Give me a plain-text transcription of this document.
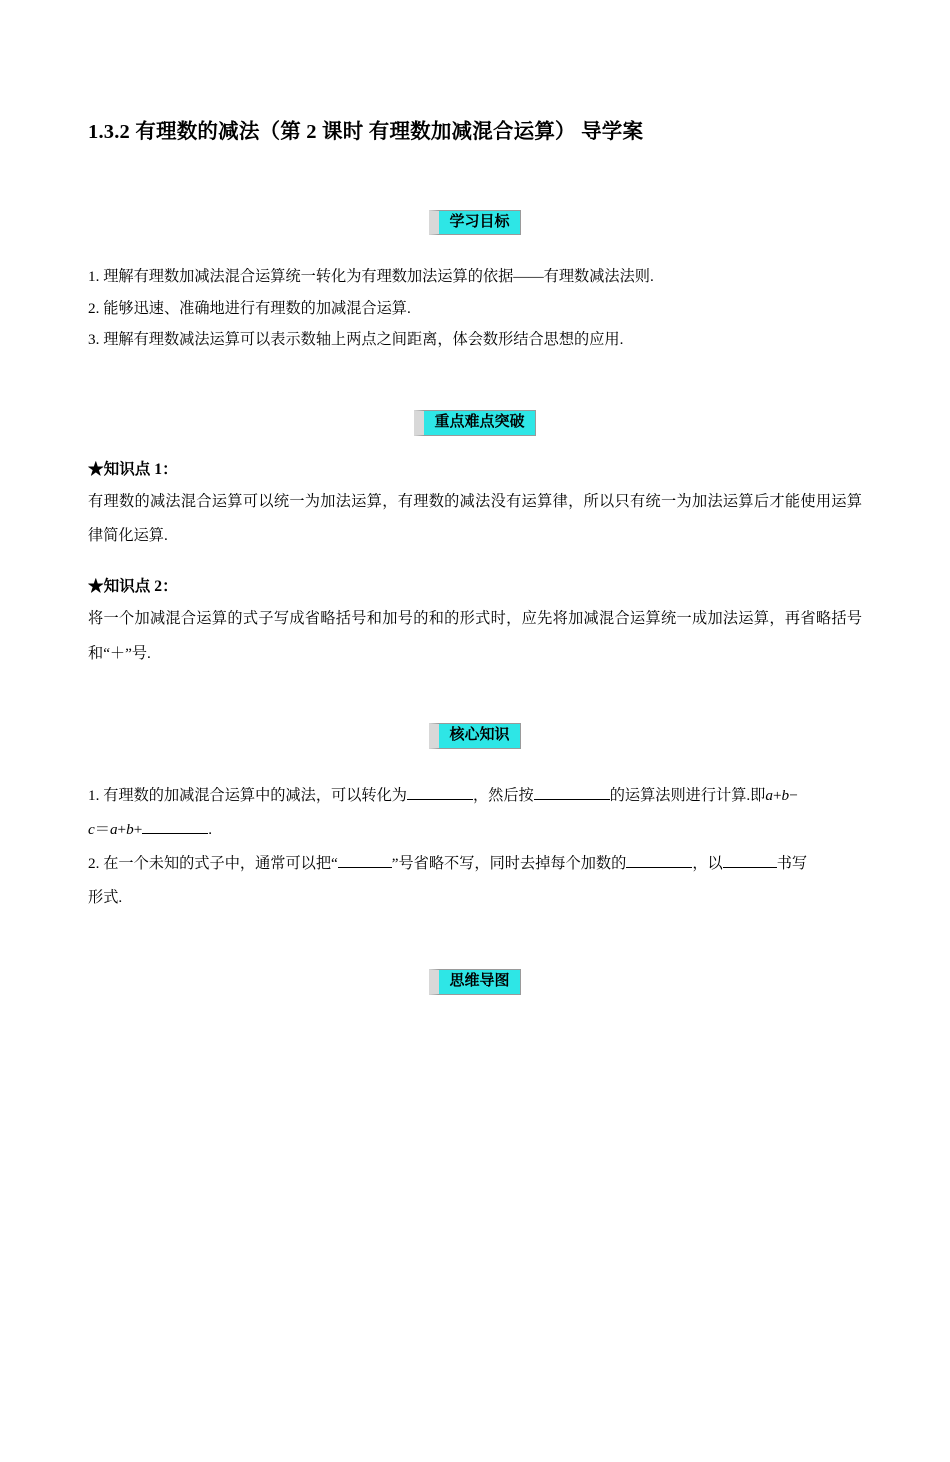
1.3.2 有理数的减法（第 2 课时 有理数加减混合运算） 导学案
学习目标

1. 理解有理数加减法混合运算统一转化为有理数加法运算的依据——有理数减法法则.

2. 能够迅速、准确地进行有理数的加减混合运算.

3. 理解有理数减法运算可以表示数轴上两点之间距离，体会数形结合思想的应用.

重点难点突破
★知识点 1：

有理数的减法混合运算可以统一为加法运算，有理数的减法没有运算律，所以只有统一为加法运算后才能使用运算律简化运算.

★知识点 2：

将一个加减混合运算的式子写成省略括号和加号的和的形式时，应先将加减混合运算统一成加法运算，再省略括号和“＋”号.

核心知识

1. 有理数的加减混合运算中的减法，可以转化为	，然后按	的运算法则进行计算.即a+b−

c＝a+b+	.

2. 在一个未知的式子中，通常可以把“	”号省略不写，同时去掉每个加数的	，以	书写

形式.

思维导图
